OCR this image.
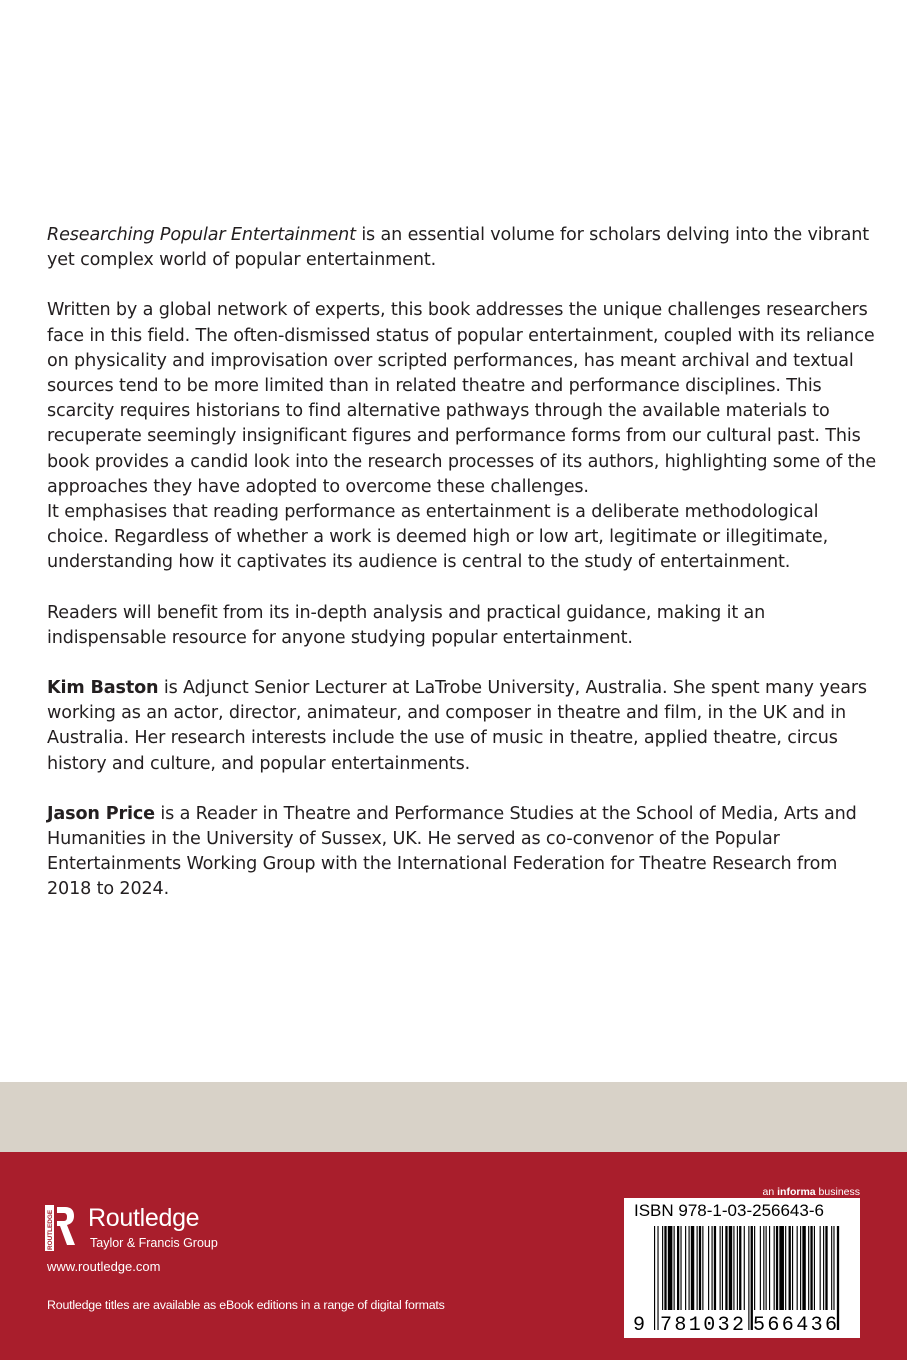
Researching Popular Entertainment is an essential volume for scholars delving into the vibrant yet complex world of popular entertainment.

Written by a global network of experts, this book addresses the unique challenges researchers face in this field. The often-dismissed status of popular entertainment, coupled with its reliance on physicality and improvisation over scripted performances, has meant archival and textual sources tend to be more limited than in related theatre and performance disciplines. This scarcity requires historians to find alternative pathways through the available materials to recuperate seemingly insignificant figures and performance forms from our cultural past. This book provides a candid look into the research processes of its authors, highlighting some of the approaches they have adopted to overcome these challenges.

It emphasises that reading performance as entertainment is a deliberate methodological choice. Regardless of whether a work is deemed high or low art, legitimate or illegitimate, understanding how it captivates its audience is central to the study of entertainment.

Readers will benefit from its in-depth analysis and practical guidance, making it an indispensable resource for anyone studying popular entertainment.

Kim Baston is Adjunct Senior Lecturer at LaTrobe University, Australia. She spent many years working as an actor, director, animateur, and composer in theatre and film, in the UK and in Australia. Her research interests include the use of music in theatre, applied theatre, circus history and culture, and popular entertainments.

Jason Price is a Reader in Theatre and Performance Studies at the School of Media, Arts and Humanities in the University of Sussex, UK. He served as co-convenor of the Popular Entertainments Working Group with the International Federation for Theatre Research from 2018 to 2024.

ROUTLEDGE Routledge
Taylor & Francis Group
www.routledge.com
Routledge titles are available as eBook editions in a range of digital formats
an informa business
ISBN 978-1-03-256643-6
9 781032 566436
